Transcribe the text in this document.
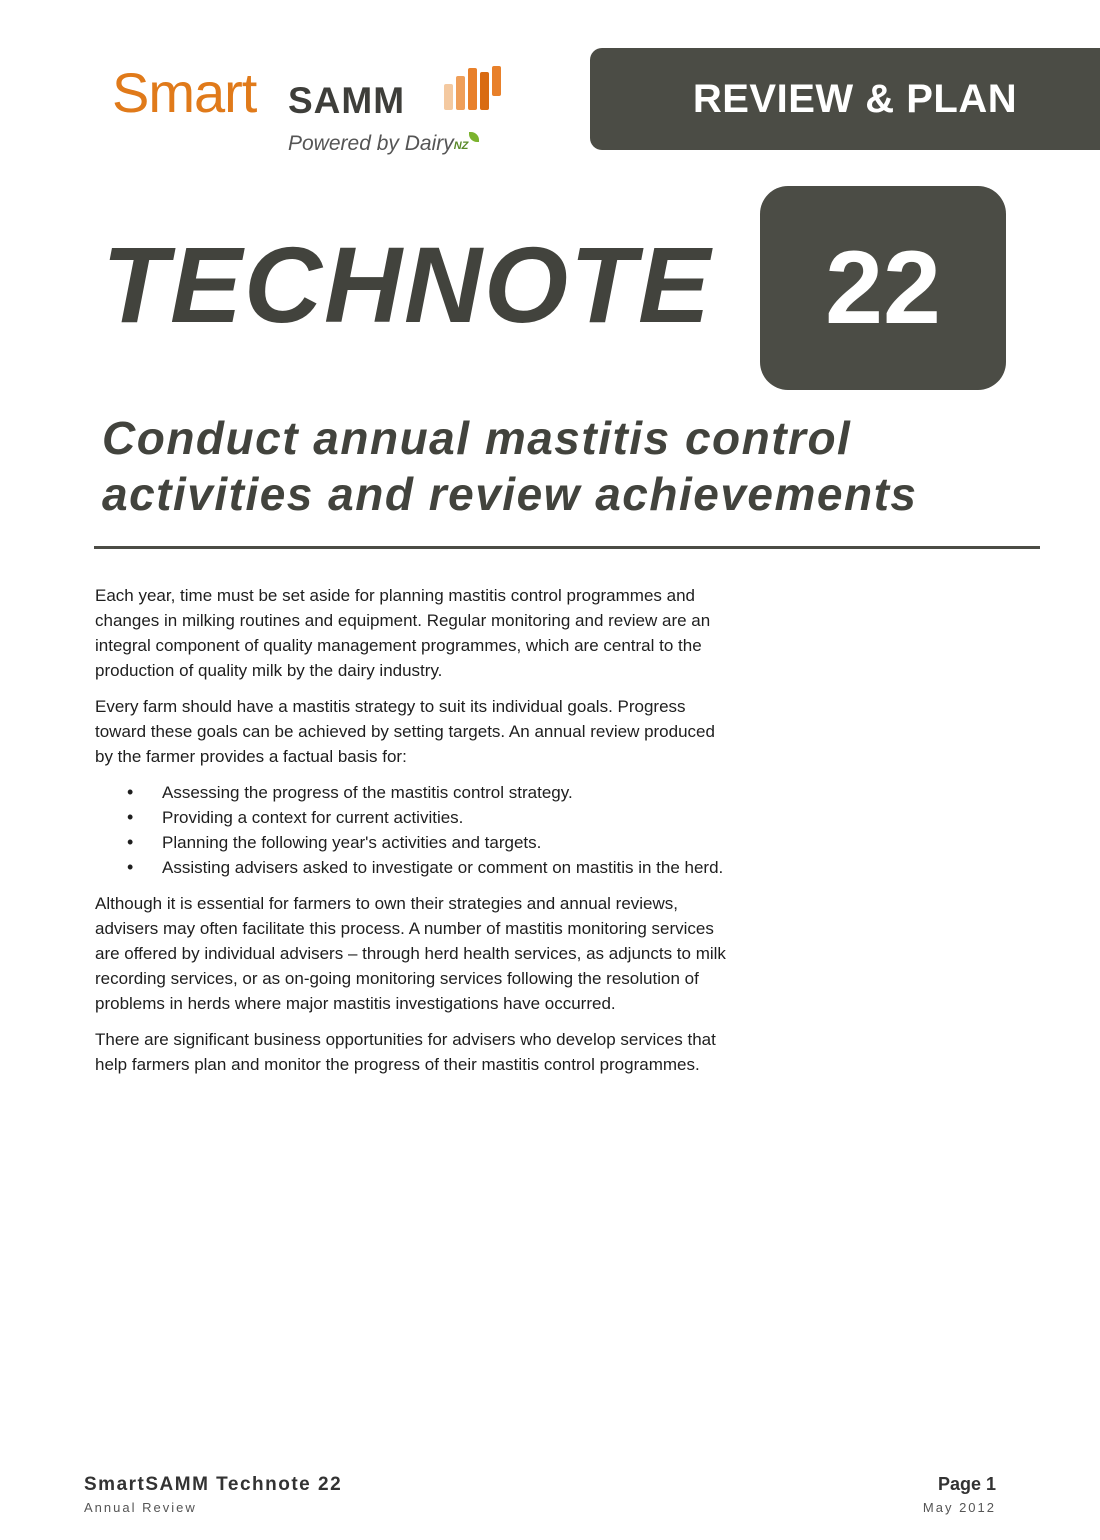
Smart SAMM
Powered by DairyNZ
REVIEW & PLAN
TECHNOTE 22
Conduct annual mastitis control
activities and review achievements

Each year, time must be set aside for planning mastitis control programmes and changes in milking routines and equipment. Regular monitoring and review are an integral component of quality management programmes, which are central to the production of quality milk by the dairy industry.

Every farm should have a mastitis strategy to suit its individual goals. Progress toward these goals can be achieved by setting targets. An annual review produced by the farmer provides a factual basis for:

• Assessing the progress of the mastitis control strategy.
• Providing a context for current activities.
• Planning the following year's activities and targets.
• Assisting advisers asked to investigate or comment on mastitis in the herd.

Although it is essential for farmers to own their strategies and annual reviews, advisers may often facilitate this process. A number of mastitis monitoring services are offered by individual advisers – through herd health services, as adjuncts to milk recording services, or as on-going monitoring services following the resolution of problems in herds where major mastitis investigations have occurred.

There are significant business opportunities for advisers who develop services that help farmers plan and monitor the progress of their mastitis control programmes.

SmartSAMM Technote 22
Annual Review
Page 1
May 2012
